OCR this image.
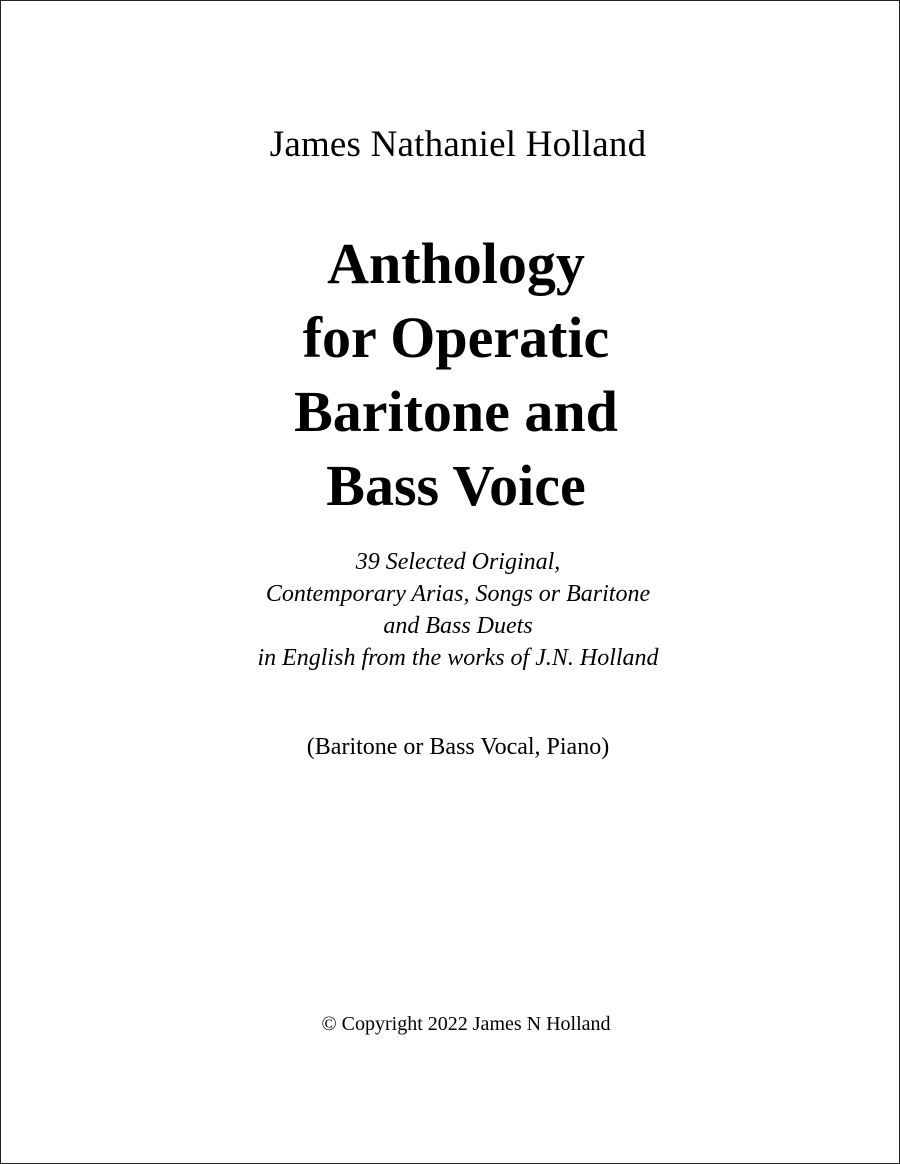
James Nathaniel Holland
Anthology
for Operatic
Baritone and
Bass Voice
39 Selected Original,
Contemporary Arias, Songs or Baritone
and Bass Duets
in English from the works of J.N. Holland
(Baritone or Bass Vocal, Piano)
© Copyright 2022 James N Holland
